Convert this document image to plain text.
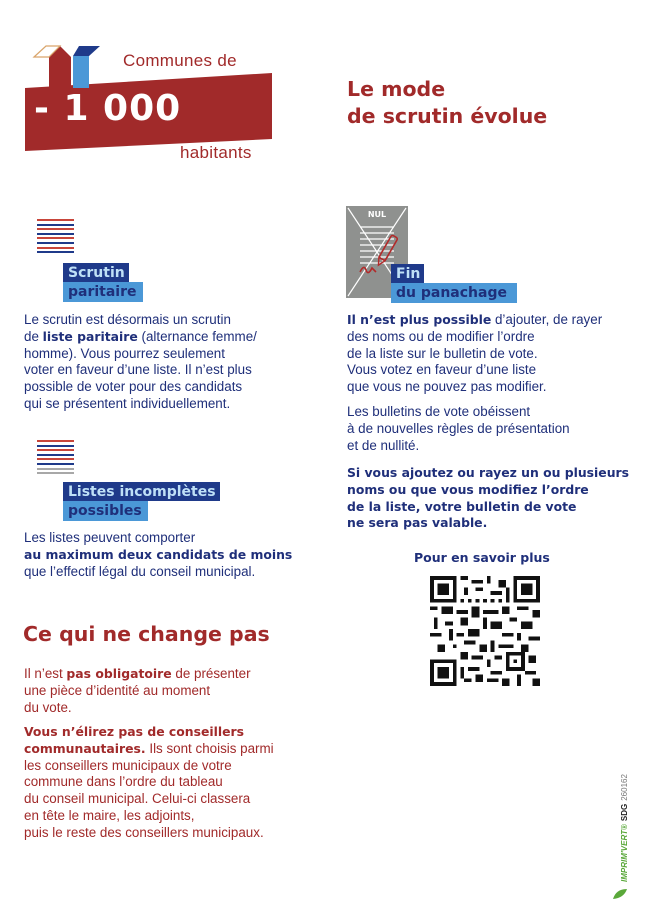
Communes de
- 1 000
habitants
Le mode
de scrutin évolue
Scrutin
paritaire
Le scrutin est désormais un scrutin
de liste paritaire (alternance femme/
homme). Vous pourrez seulement
voter en faveur d’une liste. Il n’est plus
possible de voter pour des candidats
qui se présentent individuellement.
Listes incomplètes
possibles
Les listes peuvent comporter
au maximum deux candidats de moins
que l’effectif légal du conseil municipal.
Ce qui ne change pas
Il n’est pas obligatoire de présenter
une pièce d’identité au moment
du vote.
Vous n’élirez pas de conseillers
communautaires. Ils sont choisis parmi
les conseillers municipaux de votre
commune dans l’ordre du tableau
du conseil municipal. Celui-ci classera
en tête le maire, les adjoints,
puis le reste des conseillers municipaux.
NUL
Fin
du panachage
Il n’est plus possible d’ajouter, de rayer
des noms ou de modifier l’ordre
de la liste sur le bulletin de vote.
Vous votez en faveur d’une liste
que vous ne pouvez pas modifier.
Les bulletins de vote obéissent
à de nouvelles règles de présentation
et de nullité.
Si vous ajoutez ou rayez un ou plusieurs
noms ou que vous modifiez l’ordre
de la liste, votre bulletin de vote
ne sera pas valable.
Pour en savoir plus
IMPRIM'VERT®SDG260162
